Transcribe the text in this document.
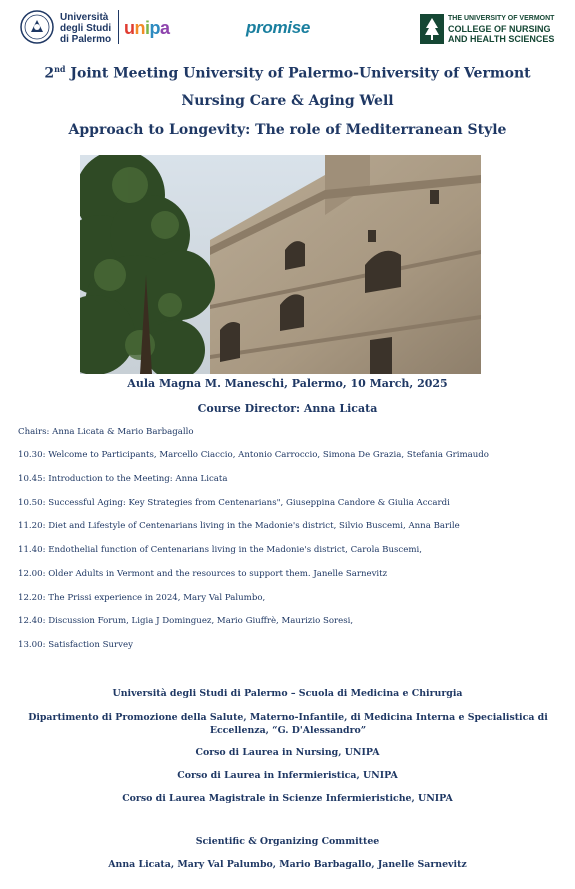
Università degli Studi di Palermo
unipa	promise	THE UNIVERSITY OF VERMONT
COLLEGE OF NURSING
AND HEALTH SCIENCES
2nd Joint Meeting University of Palermo-University of Vermont
Nursing Care & Aging Well
Approach to Longevity: The role of Mediterranean Style
Aula Magna M. Maneschi, Palermo, 10 March, 2025
Course Director: Anna Licata
Chairs: Anna Licata & Mario Barbagallo
10.30: Welcome to Participants, Marcello Ciaccio, Antonio Carroccio, Simona De Grazia, Stefania Grimaudo
10.45: Introduction to the Meeting: Anna Licata
10.50: Successful Aging: Key Strategies from Centenarians", Giuseppina Candore & Giulia Accardi
11.20: Diet and Lifestyle of Centenarians living in the Madonie's district, Silvio Buscemi, Anna Barile
11.40: Endothelial function of Centenarians living in the Madonie's district, Carola Buscemi,
12.00: Older Adults in Vermont and the resources to support them. Janelle Sarnevitz
12.20: The Prissi experience in 2024, Mary Val Palumbo,
12.40: Discussion Forum, Ligia J Dominguez, Mario Giuffrè, Maurizio Soresi,
13.00: Satisfaction Survey
Università degli Studi di Palermo – Scuola di Medicina e Chirurgia
Dipartimento di Promozione della Salute, Materno-Infantile, di Medicina Interna e Specialistica di Eccellenza, “G. D'Alessandro”
Corso di Laurea in Nursing, UNIPA
Corso di Laurea in Infermieristica, UNIPA
Corso di Laurea Magistrale in Scienze Infermieristiche, UNIPA
Scientific & Organizing Committee
Anna Licata, Mary Val Palumbo, Mario Barbagallo, Janelle Sarnevitz
